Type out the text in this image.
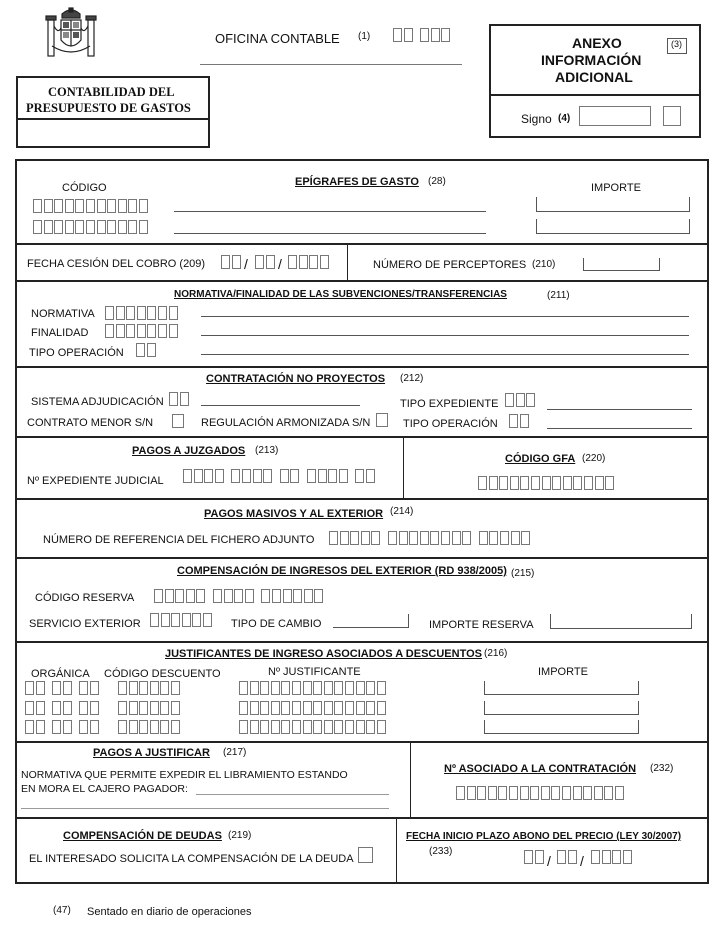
OFICINA CONTABLE (1)
CONTABILIDAD DEL
PRESUPUESTO DE GASTOS
ANEXO
INFORMACIÓN
ADICIONAL
(3)
Signo (4)
CÓDIGO	EPÍGRAFES DE GASTO (28)
IMPORTE
FECHA CESIÓN DEL COBRO (209)	/ /	NÚMERO DE PERCEPTORES (210)
NORMATIVA/FINALIDAD DE LAS SUBVENCIONES/TRANSFERENCIAS	(211)
NORMATIVA
FINALIDAD
TIPO OPERACIÓN
CONTRATACIÓN NO PROYECTOS (212)
SISTEMA ADJUDICACIÓN	TIPO EXPEDIENTE
CONTRATO MENOR S/N	REGULACIÓN ARMONIZADA S/N	TIPO OPERACIÓN
PAGOS A JUZGADOS (213)
Nº EXPEDIENTE JUDICIAL
CÓDIGO GFA (220)
PAGOS MASIVOS Y AL EXTERIOR (214)
NÚMERO DE REFERENCIA DEL FICHERO ADJUNTO
COMPENSACIÓN DE INGRESOS DEL EXTERIOR (RD 938/2005) (215)
CÓDIGO RESERVA
SERVICIO EXTERIOR	TIPO DE CAMBIO	IMPORTE RESERVA
JUSTIFICANTES DE INGRESO ASOCIADOS A DESCUENTOS (216)
ORGÁNICA CÓDIGO DESCUENTO	Nº JUSTIFICANTE	IMPORTE
PAGOS A JUSTIFICAR (217)
NORMATIVA QUE PERMITE EXPEDIR EL LIBRAMIENTO ESTANDO
EN MORA EL CAJERO PAGADOR:
Nº ASOCIADO A LA CONTRATACIÓN (232)
COMPENSACIÓN DE DEUDAS (219)
EL INTERESADO SOLICITA LA COMPENSACIÓN DE LA DEUDA
FECHA INICIO PLAZO ABONO DEL PRECIO (LEY 30/2007)
(233)
/ /
(47) Sentado en diario de operaciones
